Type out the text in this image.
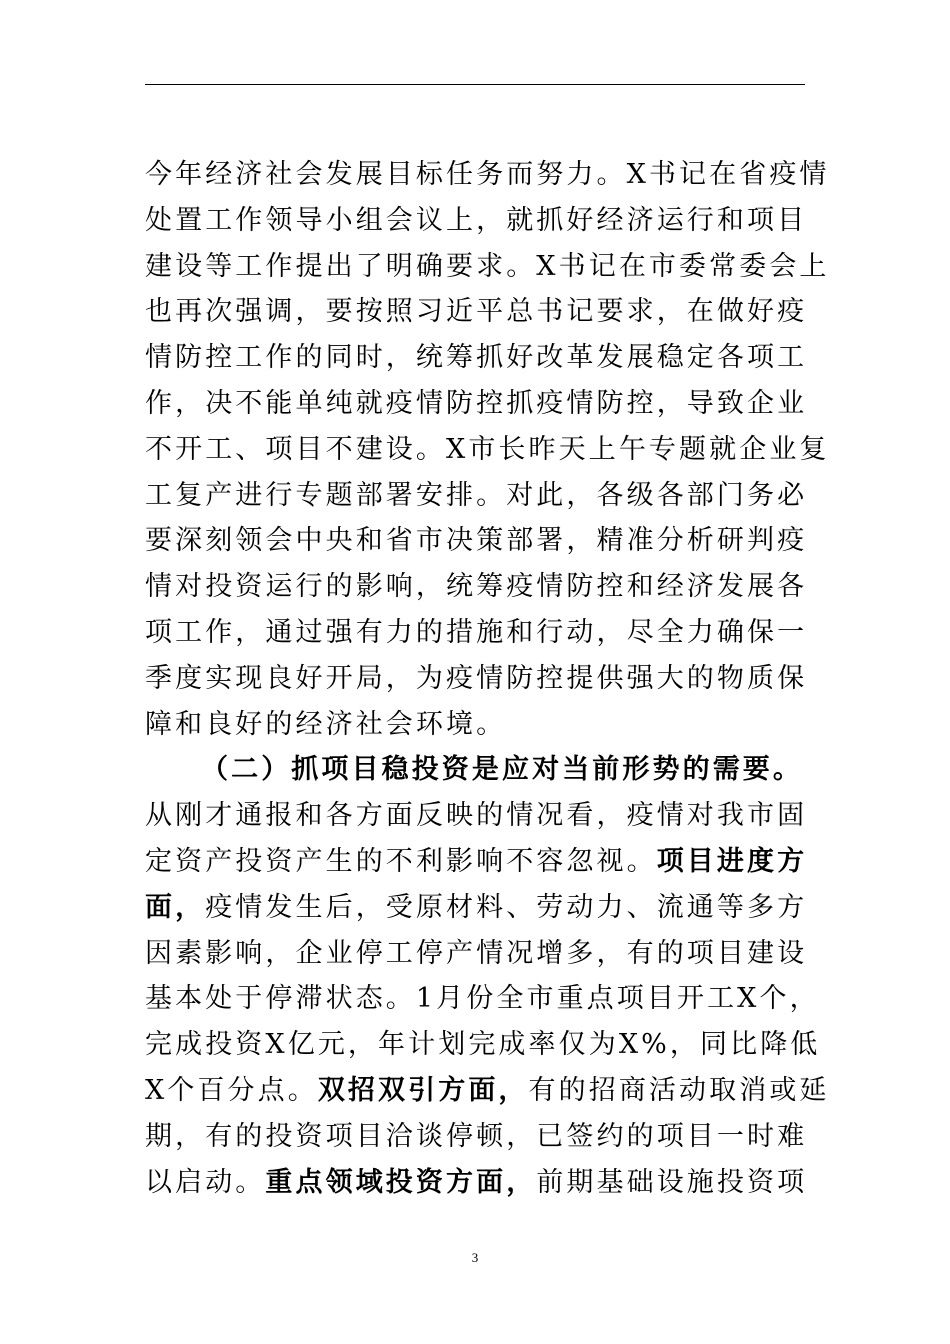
今年经济社会发展目标任务而努力。X书记在省疫情
处置工作领导小组会议上，就抓好经济运行和项目
建设等工作提出了明确要求。X书记在市委常委会上
也再次强调，要按照习近平总书记要求，在做好疫
情防控工作的同时，统筹抓好改革发展稳定各项工
作，决不能单纯就疫情防控抓疫情防控，导致企业
不开工、项目不建设。X市长昨天上午专题就企业复
工复产进行专题部署安排。对此，各级各部门务必
要深刻领会中央和省市决策部署，精准分析研判疫
情对投资运行的影响，统筹疫情防控和经济发展各
项工作，通过强有力的措施和行动，尽全力确保一
季度实现良好开局，为疫情防控提供强大的物质保
障和良好的经济社会环境。
（二）抓项目稳投资是应对当前形势的需要。
从刚才通报和各方面反映的情况看，疫情对我市固
定资产投资产生的不利影响不容忽视。项目进度方
面，疫情发生后，受原材料、劳动力、流通等多方
因素影响，企业停工停产情况增多，有的项目建设
基本处于停滞状态。1月份全市重点项目开工X个，
完成投资X亿元，年计划完成率仅为X%，同比降低
X个百分点。双招双引方面，有的招商活动取消或延
期，有的投资项目洽谈停顿，已签约的项目一时难
以启动。重点领域投资方面，前期基础设施投资项
3
